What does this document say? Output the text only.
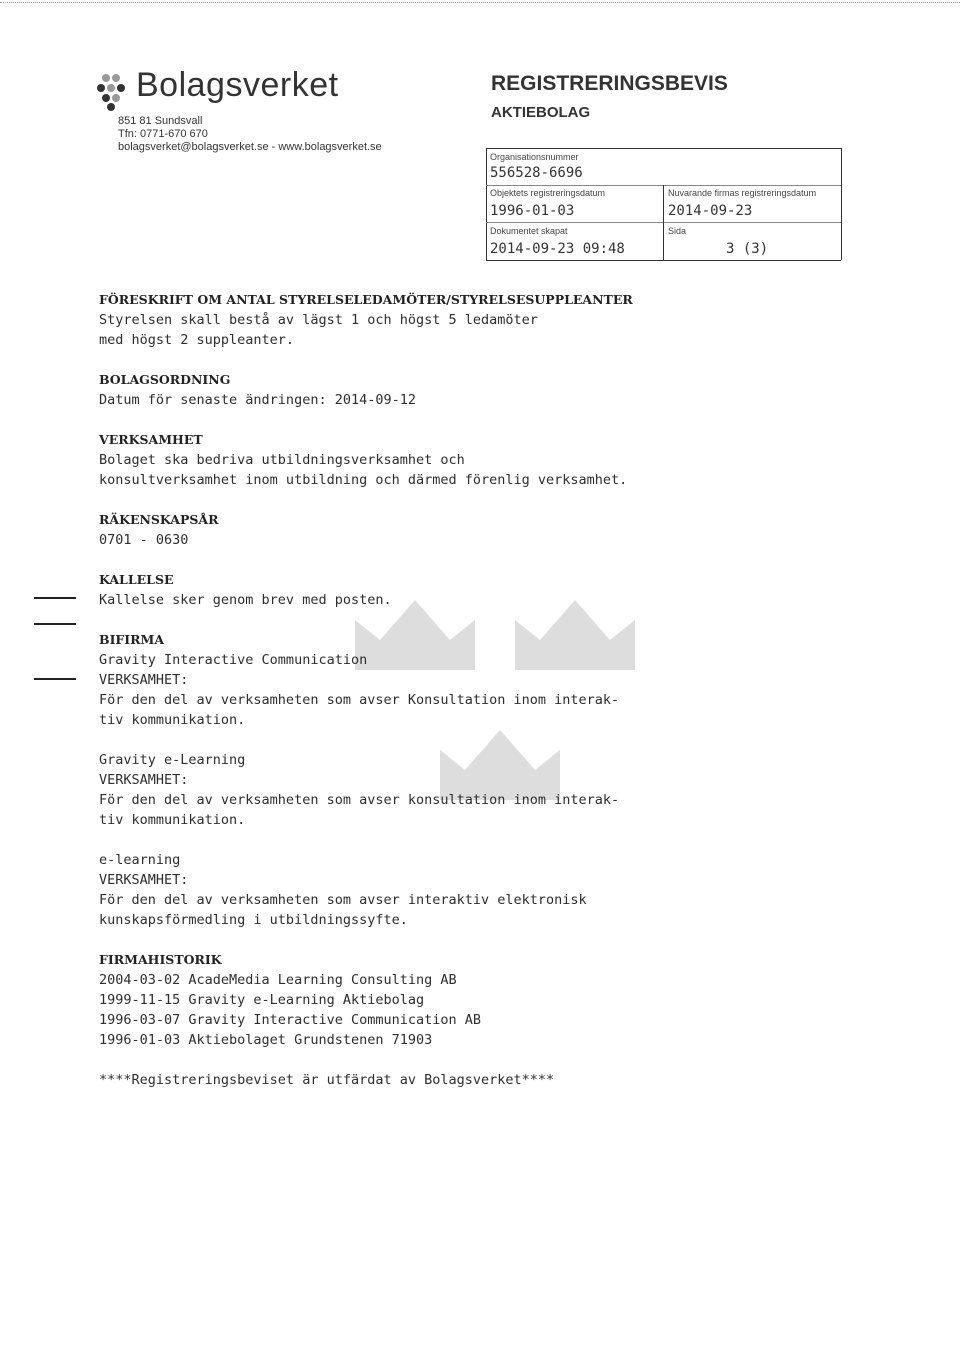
Bolagsverket
851 81 Sundsvall
Tfn: 0771-670 670
bolagsverket@bolagsverket.se - www.bolagsverket.se
REGISTRERINGSBEVIS
AKTIEBOLAG
Organisationsnummer
556528-6696
Objektets registreringsdatum
1996-01-03
Nuvarande firmas registreringsdatum
2014-09-23
Dokumentet skapat
2014-09-23 09:48
Sida
3 (3)
FÖRESKRIFT OM ANTAL STYRELSELEDAMÖTER/STYRELSESUPPLEANTER
Styrelsen skall bestå av lägst 1 och högst 5 ledamöter
med högst 2 suppleanter.
BOLAGSORDNING
Datum för senaste ändringen: 2014-09-12
VERKSAMHET
Bolaget ska bedriva utbildningsverksamhet och
konsultverksamhet inom utbildning och därmed förenlig verksamhet.
RÄKENSKAPSÅR
0701 - 0630
KALLELSE
Kallelse sker genom brev med posten.
BIFIRMA
Gravity Interactive Communication
VERKSAMHET:
För den del av verksamheten som avser Konsultation inom interak-
tiv kommunikation.

Gravity e-Learning
VERKSAMHET:
För den del av verksamheten som avser konsultation inom interak-
tiv kommunikation.

e-learning
VERKSAMHET:
För den del av verksamheten som avser interaktiv elektronisk
kunskapsförmedling i utbildningssyfte.
FIRMAHISTORIK
2004-03-02 AcadeMedia Learning Consulting AB
1999-11-15 Gravity e-Learning Aktiebolag
1996-03-07 Gravity Interactive Communication AB
1996-01-03 Aktiebolaget Grundstenen 71903

****Registreringsbeviset är utfärdat av Bolagsverket****
